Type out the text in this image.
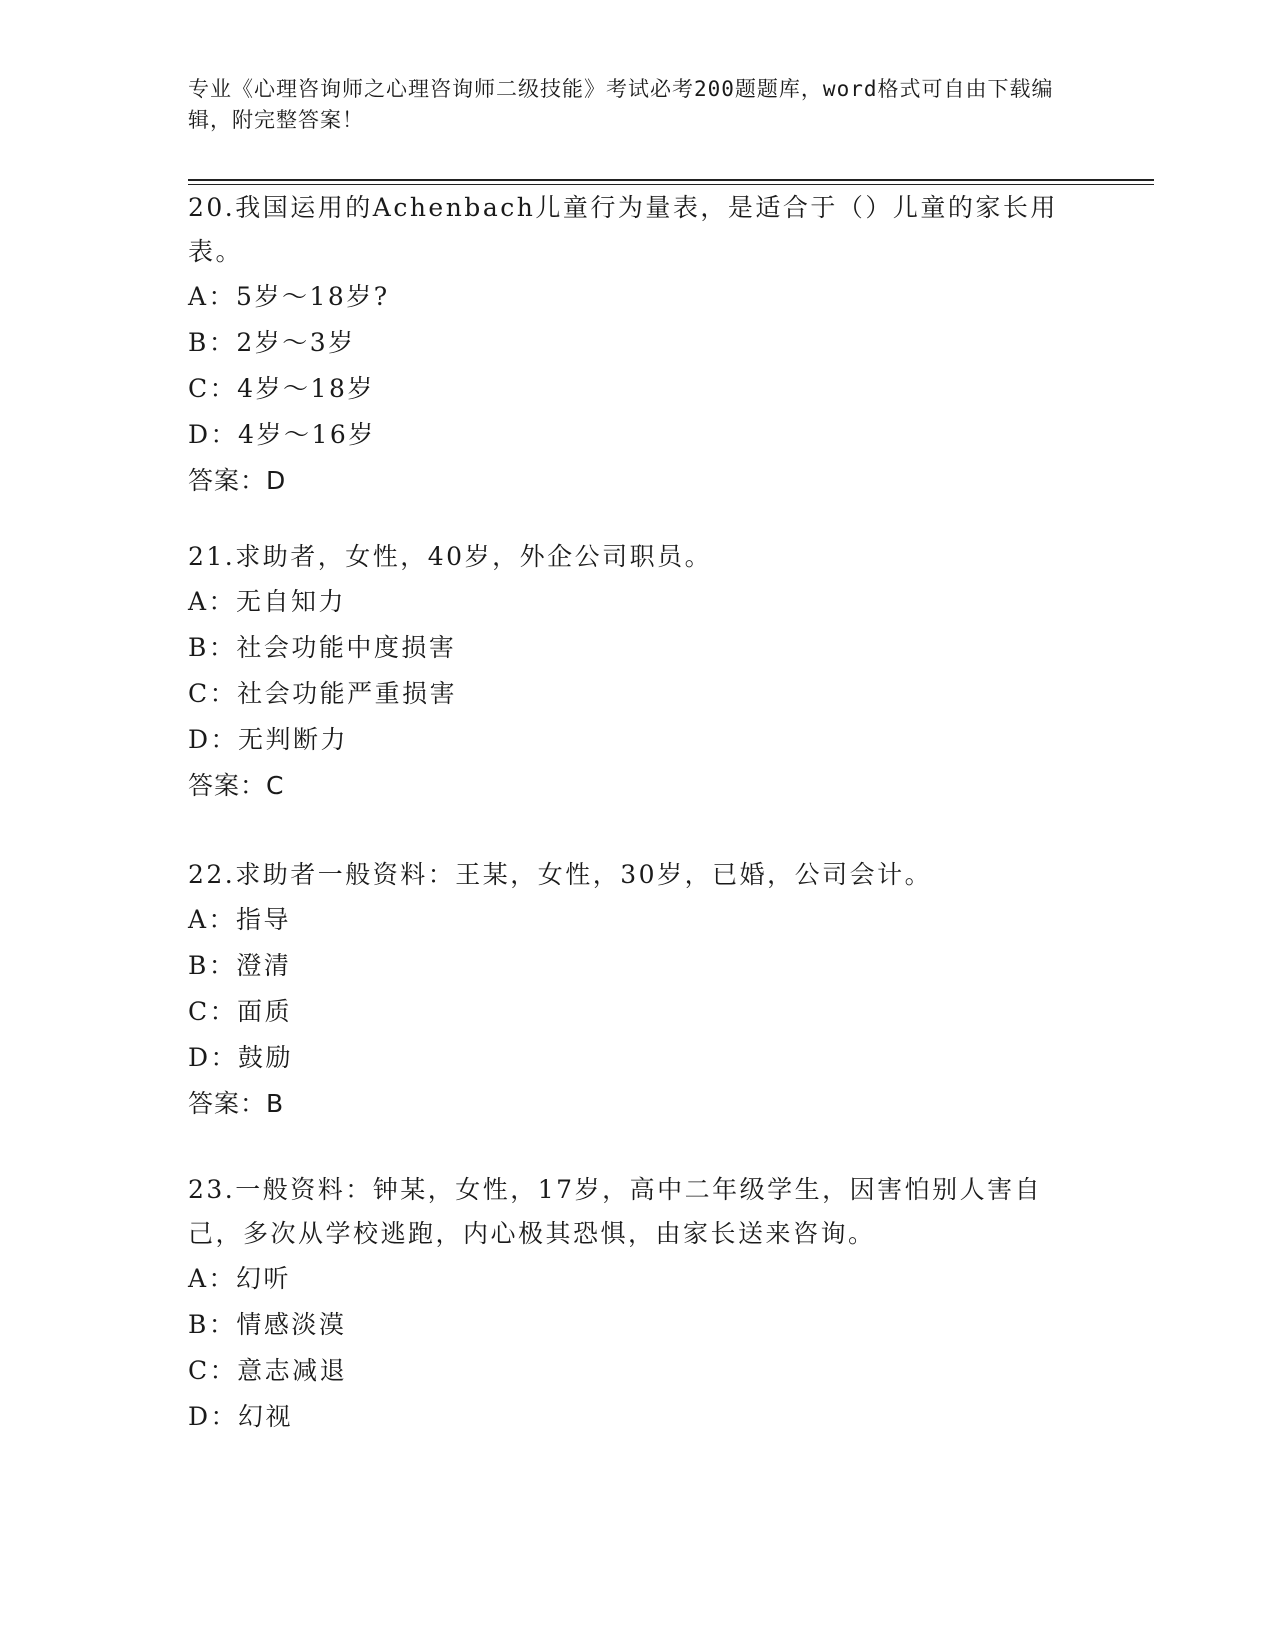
专业《心理咨询师之心理咨询师二级技能》考试必考200题题库，word格式可自由下载编辑，附完整答案！

20.我国运用的Achenbach儿童行为量表，是适合于（）儿童的家长用表。

A：5岁～18岁?

B：2岁～3岁

C：4岁～18岁

D：4岁～16岁

答案：D

21.求助者，女性，40岁，外企公司职员。

A：无自知力

B：社会功能中度损害

C：社会功能严重损害

D：无判断力

答案：C

22.求助者一般资料：王某，女性，30岁，已婚，公司会计。

A：指导

B：澄清

C：面质

D：鼓励

答案：B

23.一般资料：钟某，女性，17岁，高中二年级学生，因害怕别人害自己，多次从学校逃跑，内心极其恐惧，由家长送来咨询。

A：幻听

B：情感淡漠

C：意志减退

D：幻视
